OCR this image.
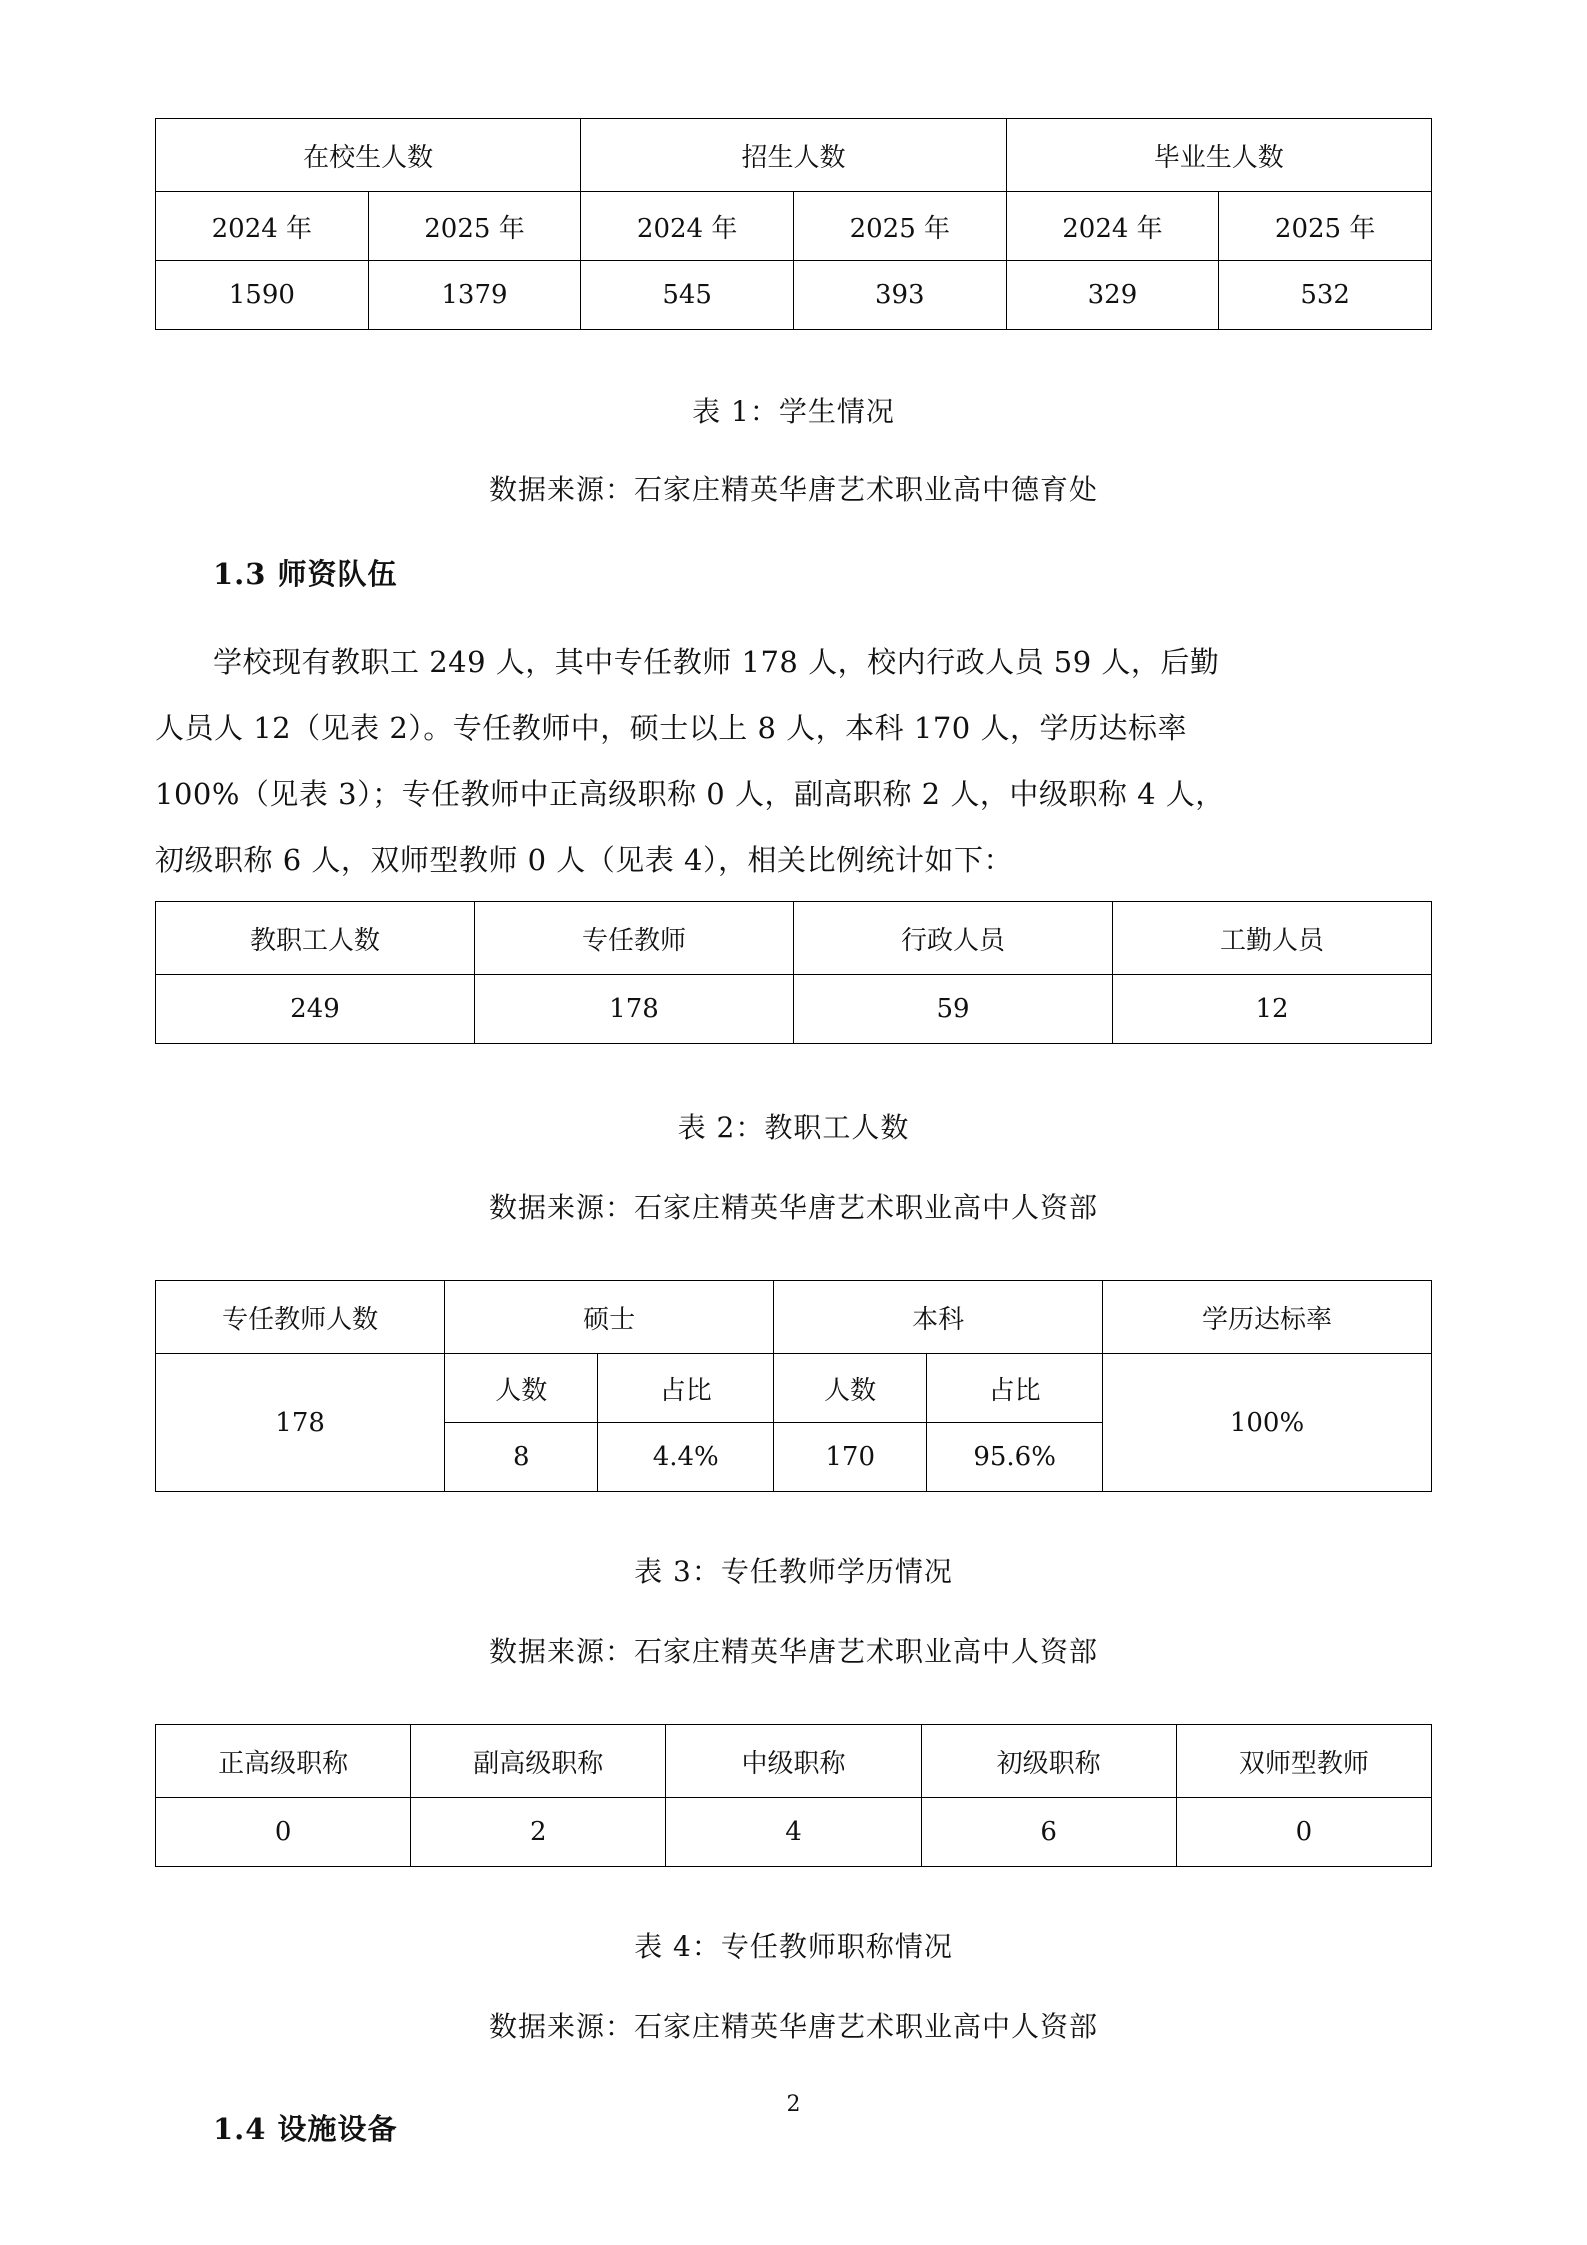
在校生人数		招生人数		毕业生人数	
2024 年	2025 年	2024 年	2025 年	2024 年	2025 年
1590	1379	545	393	329	532
表 1：学生情况
数据来源：石家庄精英华唐艺术职业高中德育处
1.3 师资队伍
学校现有教职工 249 人，其中专任教师 178 人，校内行政人员 59 人，后勤
人员人 12（见表 2）。专任教师中，硕士以上 8 人，本科 170 人，学历达标率
100%（见表 3）；专任教师中正高级职称 0 人，副高职称 2 人，中级职称 4 人，
初级职称 6 人，双师型教师 0 人（见表 4），相关比例统计如下：
教职工人数	专任教师	行政人员	工勤人员
249	178	59	12
表 2：教职工人数
数据来源：石家庄精英华唐艺术职业高中人资部
专任教师人数	硕士		本科		学历达标率
178	人数	占比	人数	占比	100%
	8	4.4%	170	95.6%	
表 3：专任教师学历情况
数据来源：石家庄精英华唐艺术职业高中人资部
正高级职称	副高级职称	中级职称	初级职称	双师型教师
0	2	4	6	0
表 4：专任教师职称情况
数据来源：石家庄精英华唐艺术职业高中人资部
1.4 设施设备
2
